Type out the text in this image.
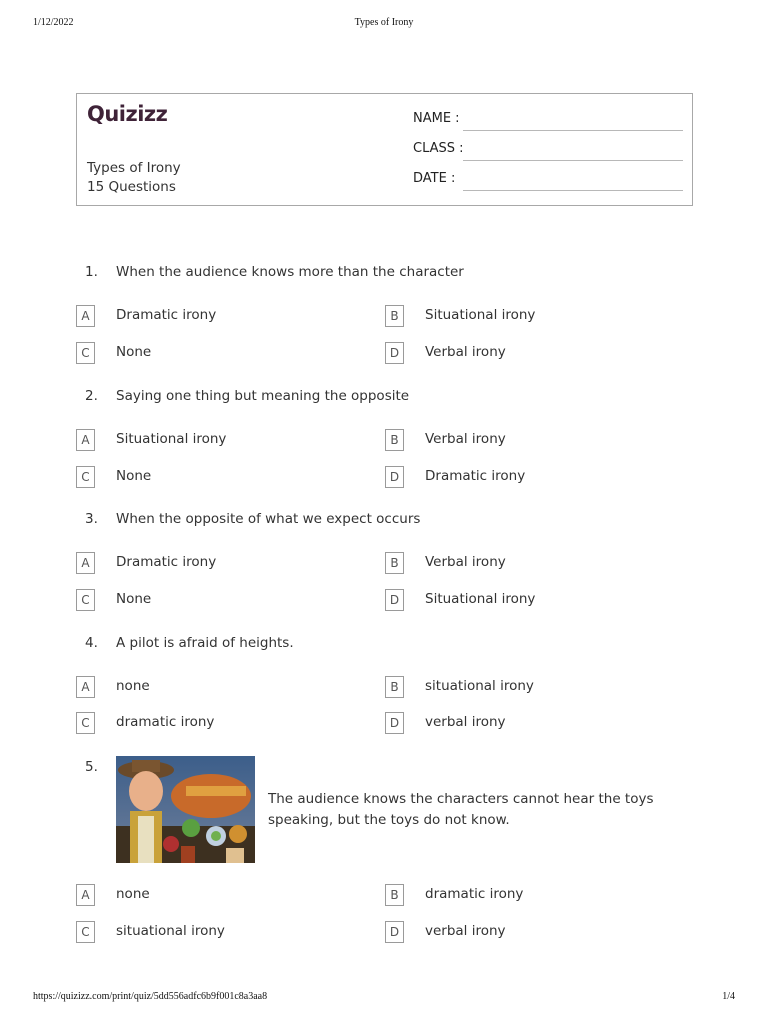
1/12/2022	Types of Irony
Quizizz
Types of Irony
15 Questions
NAME :
CLASS :
DATE :
1. When the audience knows more than the character
A	Dramatic irony	B	Situational irony
C	None	D	Verbal irony
2. Saying one thing but meaning the opposite
A	Situational irony	B	Verbal irony
C	None	D	Dramatic irony
3. When the opposite of what we expect occurs
A	Dramatic irony	B	Verbal irony
C	None	D	Situational irony
4. A pilot is afraid of heights.
A	none	B	situational irony
C	dramatic irony	D	verbal irony
5.
The audience knows the characters cannot hear the toys speaking, but the toys do not know.
A	none	B	dramatic irony
C	situational irony	D	verbal irony
https://quizizz.com/print/quiz/5dd556adfc6b9f001c8a3aa8	1/4
